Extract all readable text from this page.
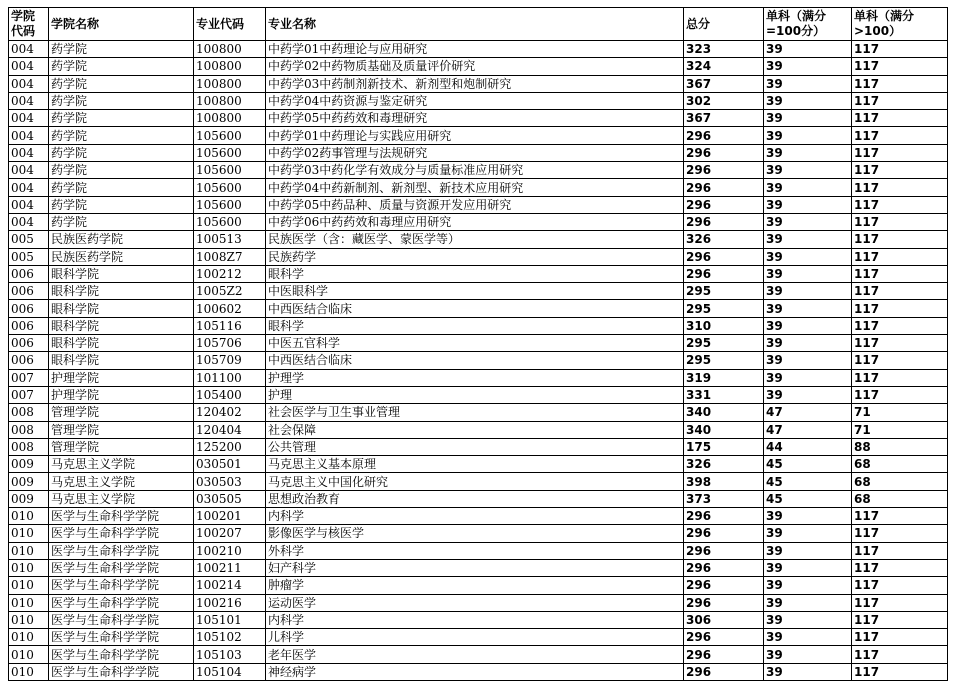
学院代码	学院名称	专业代码	专业名称	总分	单科（满分=100分）	单科（满分>100）
004	药学院	100800	中药学01中药理论与应用研究	323	39	117
004	药学院	100800	中药学02中药物质基础及质量评价研究	324	39	117
004	药学院	100800	中药学03中药制剂新技术、新剂型和炮制研究	367	39	117
004	药学院	100800	中药学04中药资源与鉴定研究	302	39	117
004	药学院	100800	中药学05中药药效和毒理研究	367	39	117
004	药学院	105600	中药学01中药理论与实践应用研究	296	39	117
004	药学院	105600	中药学02药事管理与法规研究	296	39	117
004	药学院	105600	中药学03中药化学有效成分与质量标准应用研究	296	39	117
004	药学院	105600	中药学04中药新制剂、新剂型、新技术应用研究	296	39	117
004	药学院	105600	中药学05中药品种、质量与资源开发应用研究	296	39	117
004	药学院	105600	中药学06中药药效和毒理应用研究	296	39	117
005	民族医药学院	100513	民族医学（含：藏医学、蒙医学等）	326	39	117
005	民族医药学院	1008Z7	民族药学	296	39	117
006	眼科学院	100212	眼科学	296	39	117
006	眼科学院	1005Z2	中医眼科学	295	39	117
006	眼科学院	100602	中西医结合临床	295	39	117
006	眼科学院	105116	眼科学	310	39	117
006	眼科学院	105706	中医五官科学	295	39	117
006	眼科学院	105709	中西医结合临床	295	39	117
007	护理学院	101100	护理学	319	39	117
007	护理学院	105400	护理	331	39	117
008	管理学院	120402	社会医学与卫生事业管理	340	47	71
008	管理学院	120404	社会保障	340	47	71
008	管理学院	125200	公共管理	175	44	88
009	马克思主义学院	030501	马克思主义基本原理	326	45	68
009	马克思主义学院	030503	马克思主义中国化研究	398	45	68
009	马克思主义学院	030505	思想政治教育	373	45	68
010	医学与生命科学学院	100201	内科学	296	39	117
010	医学与生命科学学院	100207	影像医学与核医学	296	39	117
010	医学与生命科学学院	100210	外科学	296	39	117
010	医学与生命科学学院	100211	妇产科学	296	39	117
010	医学与生命科学学院	100214	肿瘤学	296	39	117
010	医学与生命科学学院	100216	运动医学	296	39	117
010	医学与生命科学学院	105101	内科学	306	39	117
010	医学与生命科学学院	105102	儿科学	296	39	117
010	医学与生命科学学院	105103	老年医学	296	39	117
010	医学与生命科学学院	105104	神经病学	296	39	117
